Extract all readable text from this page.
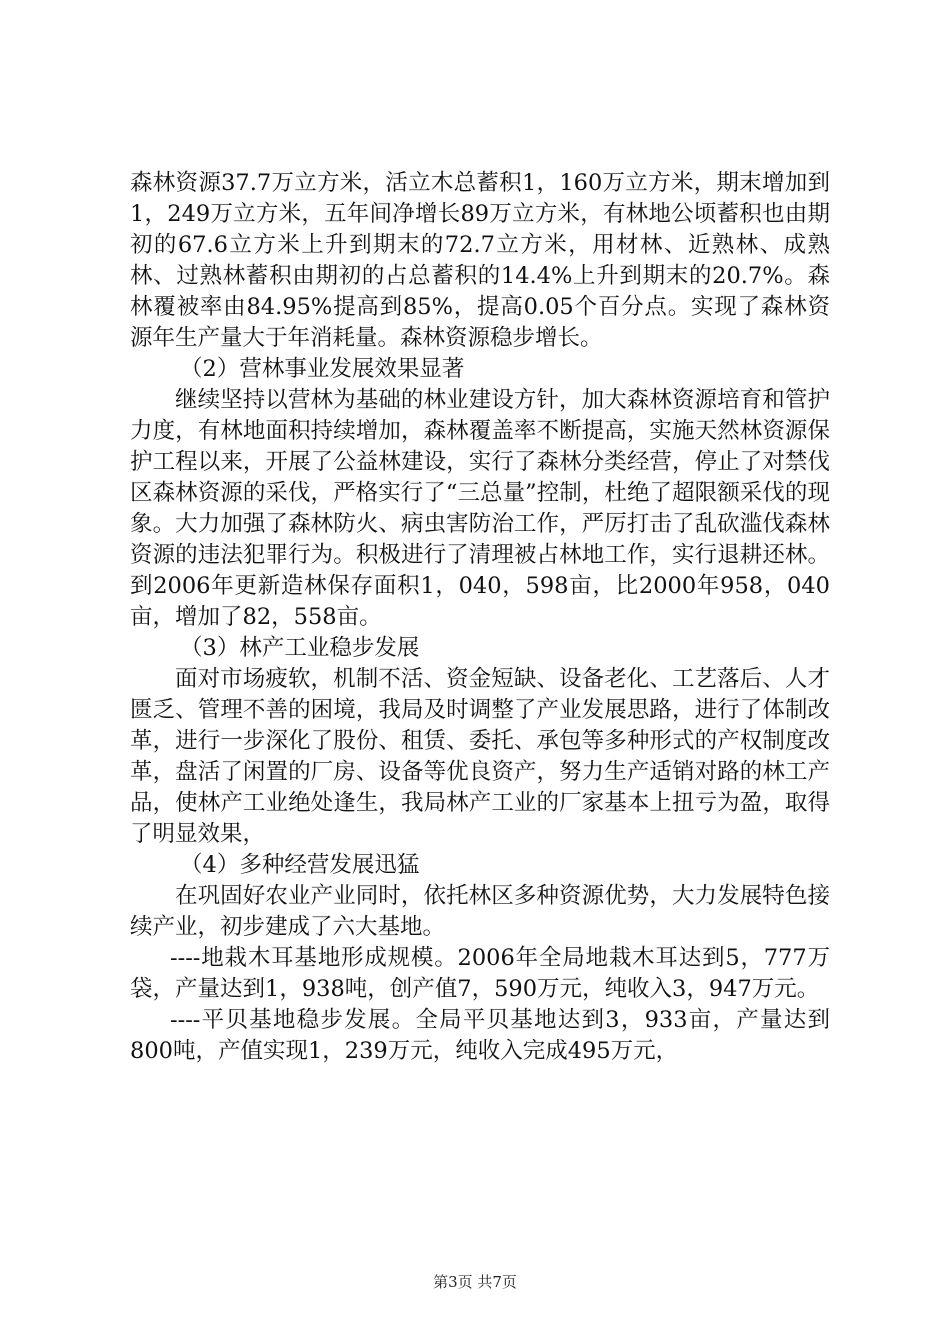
森林资源37.7万立方米，活立木总蓄积1，160万立方米，期末增加到1，249万立方米，五年间净增长89万立方米，有林地公顷蓄积也由期初的67.6立方米上升到期末的72.7立方米，用材林、近熟林、成熟林、过熟林蓄积由期初的占总蓄积的14.4%上升到期末的20.7%。森林覆被率由84.95%提高到85%，提高0.05个百分点。实现了森林资源年生产量大于年消耗量。森林资源稳步增长。

（2）营林事业发展效果显著

继续坚持以营林为基础的林业建设方针，加大森林资源培育和管护力度，有林地面积持续增加，森林覆盖率不断提高，实施天然林资源保护工程以来，开展了公益林建设，实行了森林分类经营，停止了对禁伐区森林资源的采伐，严格实行了“三总量”控制，杜绝了超限额采伐的现象。大力加强了森林防火、病虫害防治工作，严厉打击了乱砍滥伐森林资源的违法犯罪行为。积极进行了清理被占林地工作，实行退耕还林。到2006年更新造林保存面积1，040，598亩，比2000年958，040亩，增加了82，558亩。

（3）林产工业稳步发展

面对市场疲软，机制不活、资金短缺、设备老化、工艺落后、人才匮乏、管理不善的困境，我局及时调整了产业发展思路，进行了体制改革，进行一步深化了股份、租赁、委托、承包等多种形式的产权制度改革，盘活了闲置的厂房、设备等优良资产，努力生产适销对路的林工产品，使林产工业绝处逢生，我局林产工业的厂家基本上扭亏为盈，取得了明显效果，

（4）多种经营发展迅猛

在巩固好农业产业同时，依托林区多种资源优势，大力发展特色接续产业，初步建成了六大基地。

----地栽木耳基地形成规模。2006年全局地栽木耳达到5，777万袋，产量达到1，938吨，创产值7，590万元，纯收入3，947万元。

----平贝基地稳步发展。全局平贝基地达到3，933亩，产量达到800吨，产值实现1，239万元，纯收入完成495万元，

第3页 共7页
